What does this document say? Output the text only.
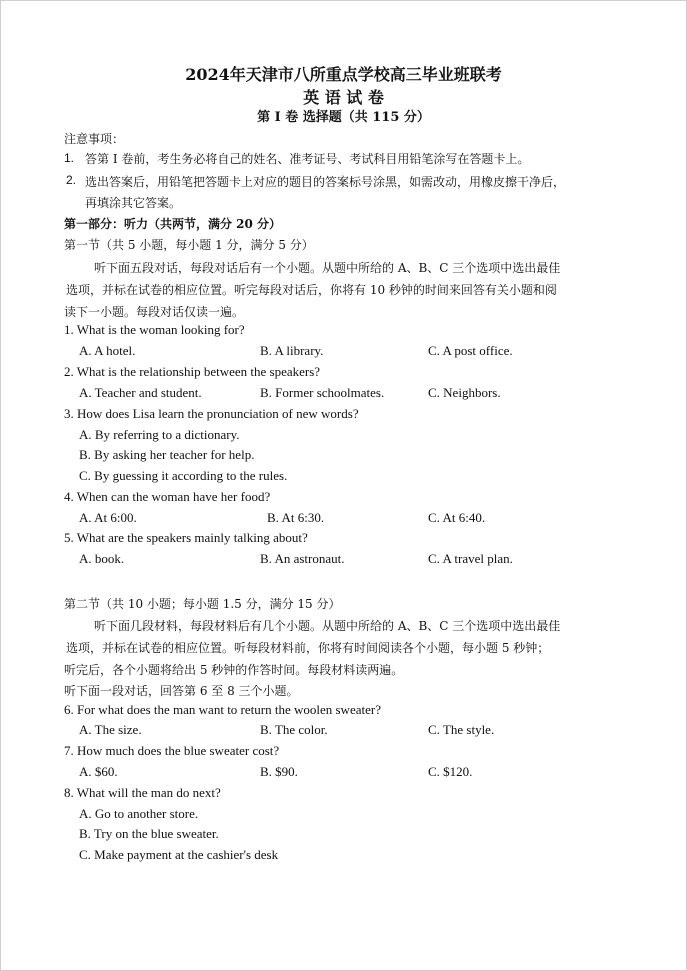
2024年天津市八所重点学校高三毕业班联考
英 语 试 卷
第 I 卷 选择题（共 115 分）
注意事项：
1. 答第 I 卷前，考生务必将自己的姓名、准考证号、考试科目用铅笔涂写在答题卡上。
2. 选出答案后，用铅笔把答题卡上对应的题目的答案标号涂黑，如需改动，用橡皮擦干净后，
再填涂其它答案。
第一部分：听力（共两节，满分 20 分）
第一节（共 5 小题，每小题 1 分，满分 5 分）
听下面五段对话，每段对话后有一个小题。从题中所给的 A、B、C 三个选项中选出最佳
选项，并标在试卷的相应位置。听完每段对话后，你将有 10 秒钟的时间来回答有关小题和阅
读下一小题。每段对话仅读一遍。
1. What is the woman looking for?
A. A hotel.	B. A library.	C. A post office.
2. What is the relationship between the speakers?
A. Teacher and student.	B. Former schoolmates.	C. Neighbors.
3. How does Lisa learn the pronunciation of new words?
A. By referring to a dictionary.
B. By asking her teacher for help.
C. By guessing it according to the rules.
4. When can the woman have her food?
A. At 6:00.	B. At 6:30.	C. At 6:40.
5. What are the speakers mainly talking about?
A. book.	B. An astronaut.	C. A travel plan.
第二节（共 10 小题；每小题 1.5 分，满分 15 分）
听下面几段材料，每段材料后有几个小题。从题中所给的 A、B、C 三个选项中选出最佳
选项，并标在试卷的相应位置。听每段材料前，你将有时间阅读各个小题，每小题 5 秒钟；
听完后，各个小题将给出 5 秒钟的作答时间。每段材料读两遍。
听下面一段对话，回答第 6 至 8 三个小题。
6. For what does the man want to return the woolen sweater?
A. The size.	B. The color.	C. The style.
7. How much does the blue sweater cost?
A. $60.	B. $90.	C. $120.
8. What will the man do next?
A. Go to another store.
B. Try on the blue sweater.
C. Make payment at the cashier's desk
